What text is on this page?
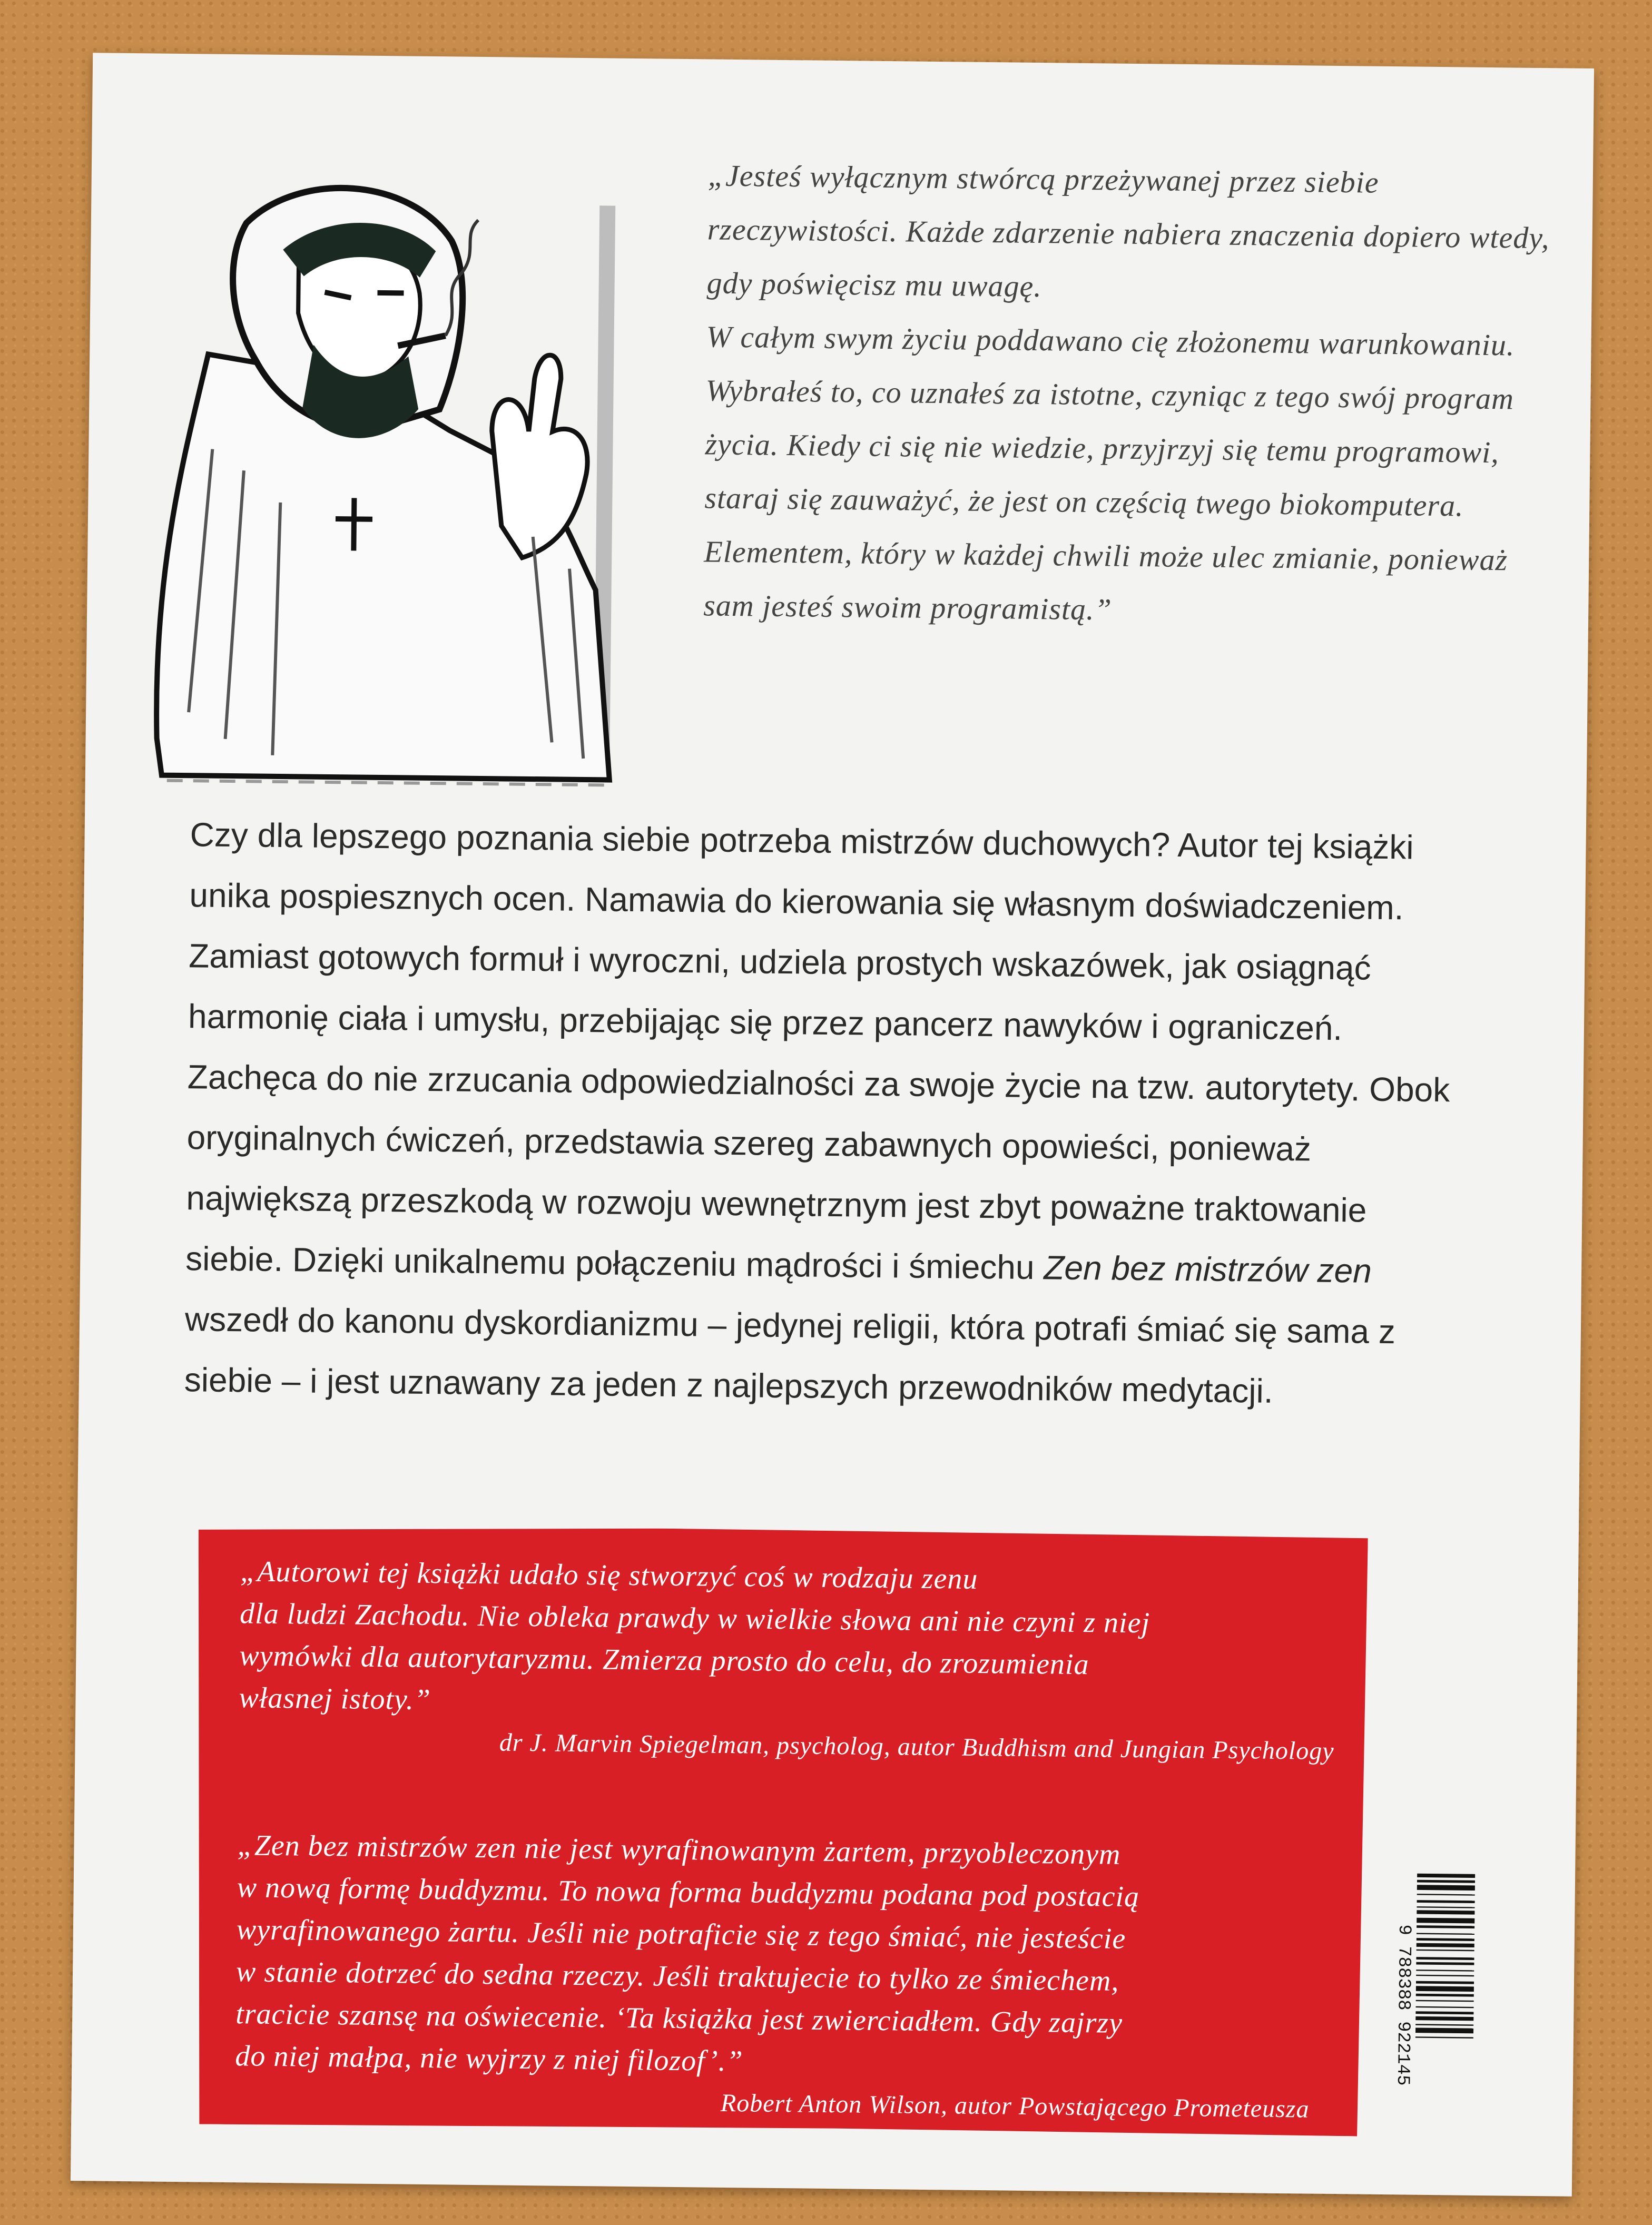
„Jesteś wyłącznym stwórcą przeżywanej przez siebie rzeczywistości. Każde zdarzenie nabiera znaczenia dopiero wtedy, gdy poświęcisz mu uwagę.
W całym swym życiu poddawano cię złożonemu warunkowaniu. Wybrałeś to, co uznałeś za istotne, czyniąc z tego swój program życia. Kiedy ci się nie wiedzie, przyjrzyj się temu programowi, staraj się zauważyć, że jest on częścią twego biokomputera. Elementem, który w każdej chwili może ulec zmianie, ponieważ sam jesteś swoim programistą.”

Czy dla lepszego poznania siebie potrzeba mistrzów duchowych? Autor tej książki unika pospiesznych ocen. Namawia do kierowania się własnym doświadczeniem. Zamiast gotowych formuł i wyroczni, udziela prostych wskazówek, jak osiągnąć harmonię ciała i umysłu, przebijając się przez pancerz nawyków i ograniczeń. Zachęca do nie zrzucania odpowiedzialności za swoje życie na tzw. autorytety. Obok oryginalnych ćwiczeń, przedstawia szereg zabawnych opowieści, ponieważ największą przeszkodą w rozwoju wewnętrznym jest zbyt poważne traktowanie siebie. Dzięki unikalnemu połączeniu mądrości i śmiechu Zen bez mistrzów zen wszedł do kanonu dyskordianizmu – jedynej religii, która potrafi śmiać się sama z siebie – i jest uznawany za jeden z najlepszych przewodników medytacji.

„Autorowi tej książki udało się stworzyć coś w rodzaju zenu
dla ludzi Zachodu. Nie obleka prawdy w wielkie słowa ani nie czyni z niej
wymówki dla autorytaryzmu. Zmierza prosto do celu, do zrozumienia
własnej istoty.”
dr J. Marvin Spiegelman, psycholog, autor Buddhism and Jungian Psychology
„Zen bez mistrzów zen nie jest wyrafinowanym żartem, przyobleczonym
w nową formę buddyzmu. To nowa forma buddyzmu podana pod postacią
wyrafinowanego żartu. Jeśli nie potraficie się z tego śmiać, nie jesteście
w stanie dotrzeć do sedna rzeczy. Jeśli traktujecie to tylko ze śmiechem,
tracicie szansę na oświecenie. ‘Ta książka jest zwierciadłem. Gdy zajrzy
do niej małpa, nie wyjrzy z niej filozof’.”
Robert Anton Wilson, autor Powstającego Prometeusza
9 788388 922145
